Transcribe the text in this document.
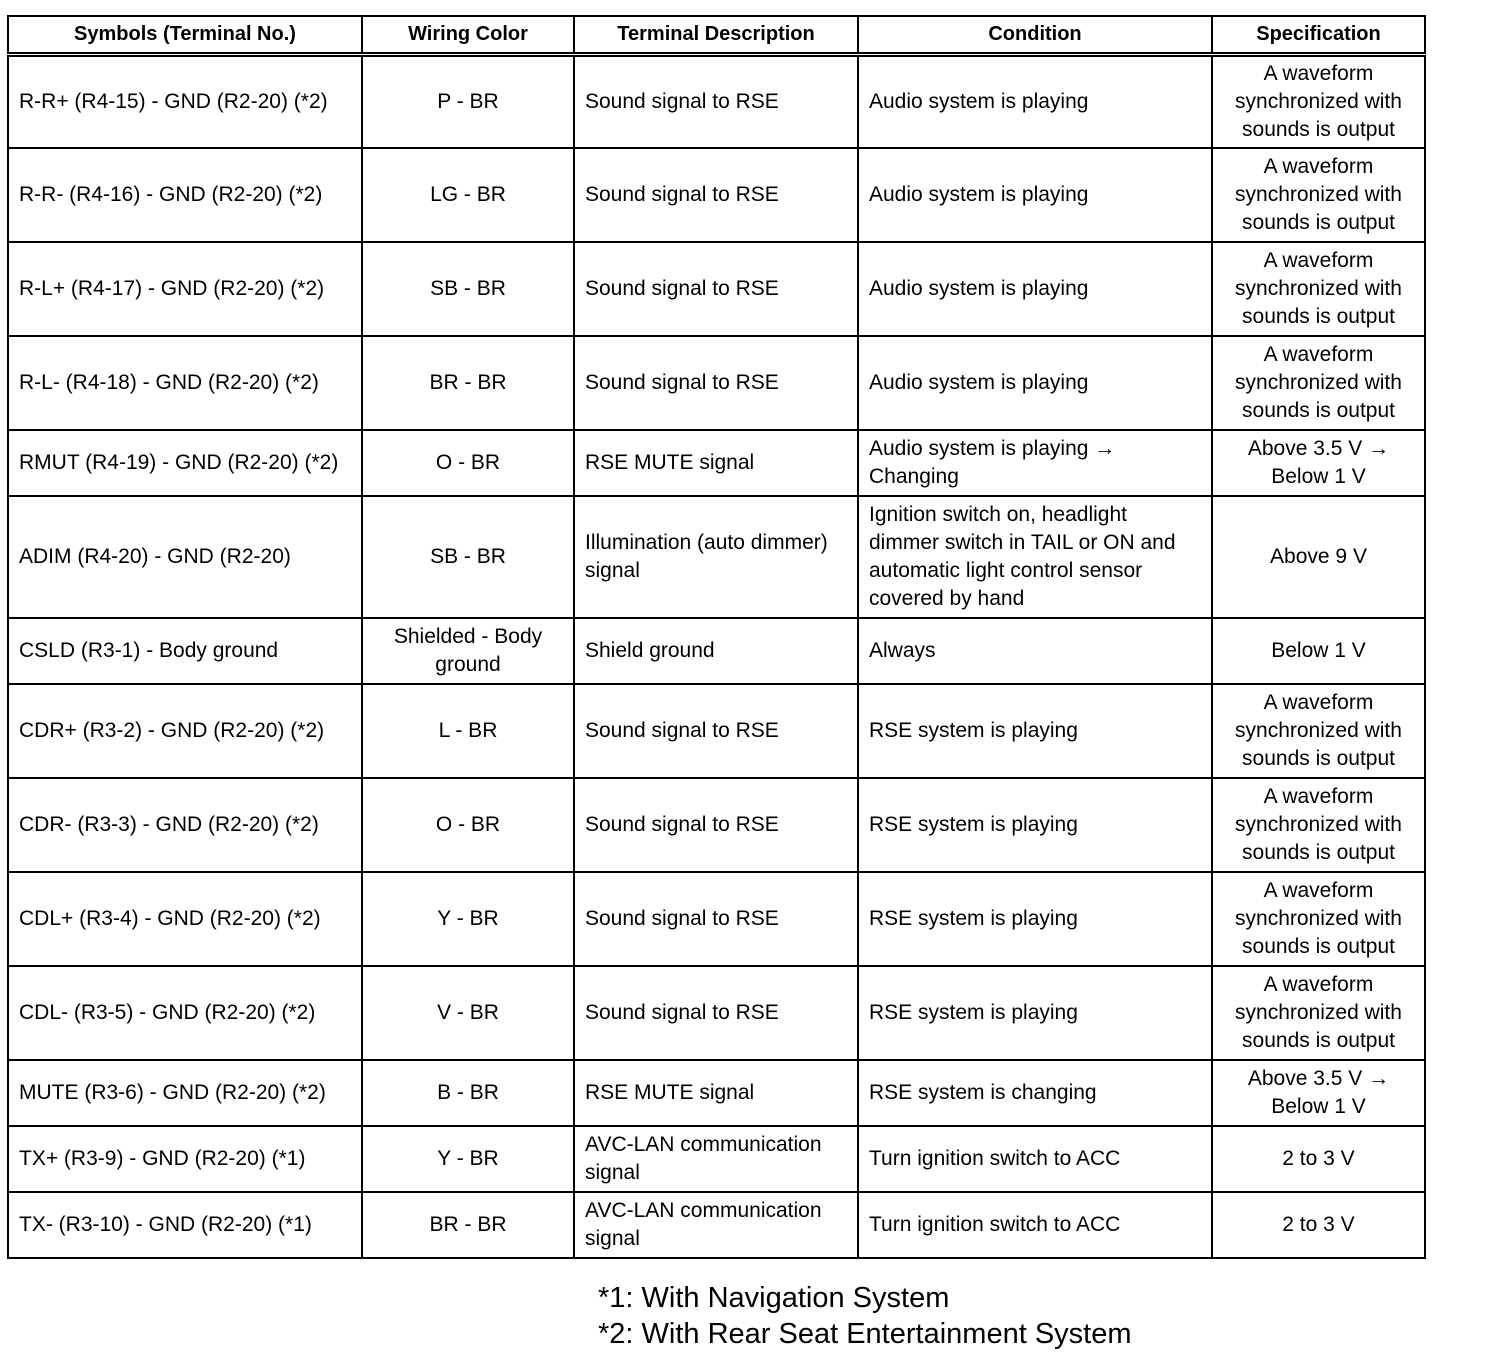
Symbols (Terminal No.)	Wiring Color	Terminal Description	Condition	Specification
R-R+ (R4-15) - GND (R2-20) (*2)	P - BR	Sound signal to RSE	Audio system is playing	A waveform synchronized with sounds is output
R-R- (R4-16) - GND (R2-20) (*2)	LG - BR	Sound signal to RSE	Audio system is playing	A waveform synchronized with sounds is output
R-L+ (R4-17) - GND (R2-20) (*2)	SB - BR	Sound signal to RSE	Audio system is playing	A waveform synchronized with sounds is output
R-L- (R4-18) - GND (R2-20) (*2)	BR - BR	Sound signal to RSE	Audio system is playing	A waveform synchronized with sounds is output
RMUT (R4-19) - GND (R2-20) (*2)	O - BR	RSE MUTE signal	Audio system is playing → Changing	Above 3.5 V → Below 1 V
ADIM (R4-20) - GND (R2-20)	SB - BR	Illumination (auto dimmer) signal	Ignition switch on, headlight dimmer switch in TAIL or ON and automatic light control sensor covered by hand	Above 9 V
CSLD (R3-1) - Body ground	Shielded - Body ground	Shield ground	Always	Below 1 V
CDR+ (R3-2) - GND (R2-20) (*2)	L - BR	Sound signal to RSE	RSE system is playing	A waveform synchronized with sounds is output
CDR- (R3-3) - GND (R2-20) (*2)	O - BR	Sound signal to RSE	RSE system is playing	A waveform synchronized with sounds is output
CDL+ (R3-4) - GND (R2-20) (*2)	Y - BR	Sound signal to RSE	RSE system is playing	A waveform synchronized with sounds is output
CDL- (R3-5) - GND (R2-20) (*2)	V - BR	Sound signal to RSE	RSE system is playing	A waveform synchronized with sounds is output
MUTE (R3-6) - GND (R2-20) (*2)	B - BR	RSE MUTE signal	RSE system is changing	Above 3.5 V → Below 1 V
TX+ (R3-9) - GND (R2-20) (*1)	Y - BR	AVC-LAN communication signal	Turn ignition switch to ACC	2 to 3 V
TX- (R3-10) - GND (R2-20) (*1)	BR - BR	AVC-LAN communication signal	Turn ignition switch to ACC	2 to 3 V
*1: With Navigation System
*2: With Rear Seat Entertainment System
